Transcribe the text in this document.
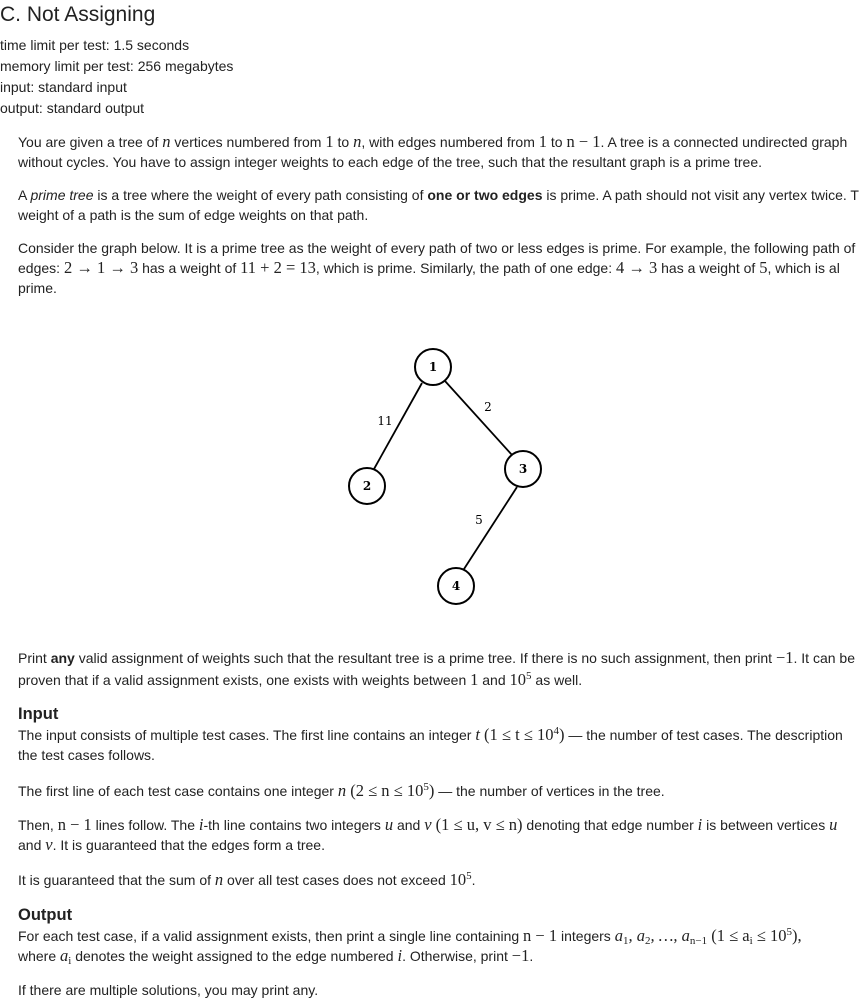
C. Not Assigning
time limit per test: 1.5 seconds
memory limit per test: 256 megabytes
input: standard input
output: standard output
You are given a tree of n vertices numbered from 1 to n, with edges numbered from 1 to n − 1. A tree is a connected undirected graph
without cycles. You have to assign integer weights to each edge of the tree, such that the resultant graph is a prime tree.
A prime tree is a tree where the weight of every path consisting of one or two edges is prime. A path should not visit any vertex twice. T
weight of a path is the sum of edge weights on that path.
Consider the graph below. It is a prime tree as the weight of every path of two or less edges is prime. For example, the following path of
edges: 2 → 1 → 3 has a weight of 11 + 2 = 13, which is prime. Similarly, the path of one edge: 4 → 3 has a weight of 5, which is al
prime.
1
2
3
4
11
2
5
Print any valid assignment of weights such that the resultant tree is a prime tree. If there is no such assignment, then print −1. It can be
proven that if a valid assignment exists, one exists with weights between 1 and $10^5$ as well.
Input
The input consists of multiple test cases. The first line contains an integer t $(1 \le t \le 10^4)$ — the number of test cases. The description
the test cases follows.
The first line of each test case contains one integer n $(2 \le n \le 10^5)$ — the number of vertices in the tree.
Then, n − 1 lines follow. The i-th line contains two integers u and v (1 ≤ u, v ≤ n) denoting that edge number i is between vertices u
and v. It is guaranteed that the edges form a tree.
It is guaranteed that the sum of n over all test cases does not exceed $10^5$.
Output
For each test case, if a valid assignment exists, then print a single line containing n − 1 integers $a_1$, $a_2$, …, $a_{n-1}$ $(1 \le a_i \le 10^5)$,
where $a_i$ denotes the weight assigned to the edge numbered i. Otherwise, print −1.
If there are multiple solutions, you may print any.
